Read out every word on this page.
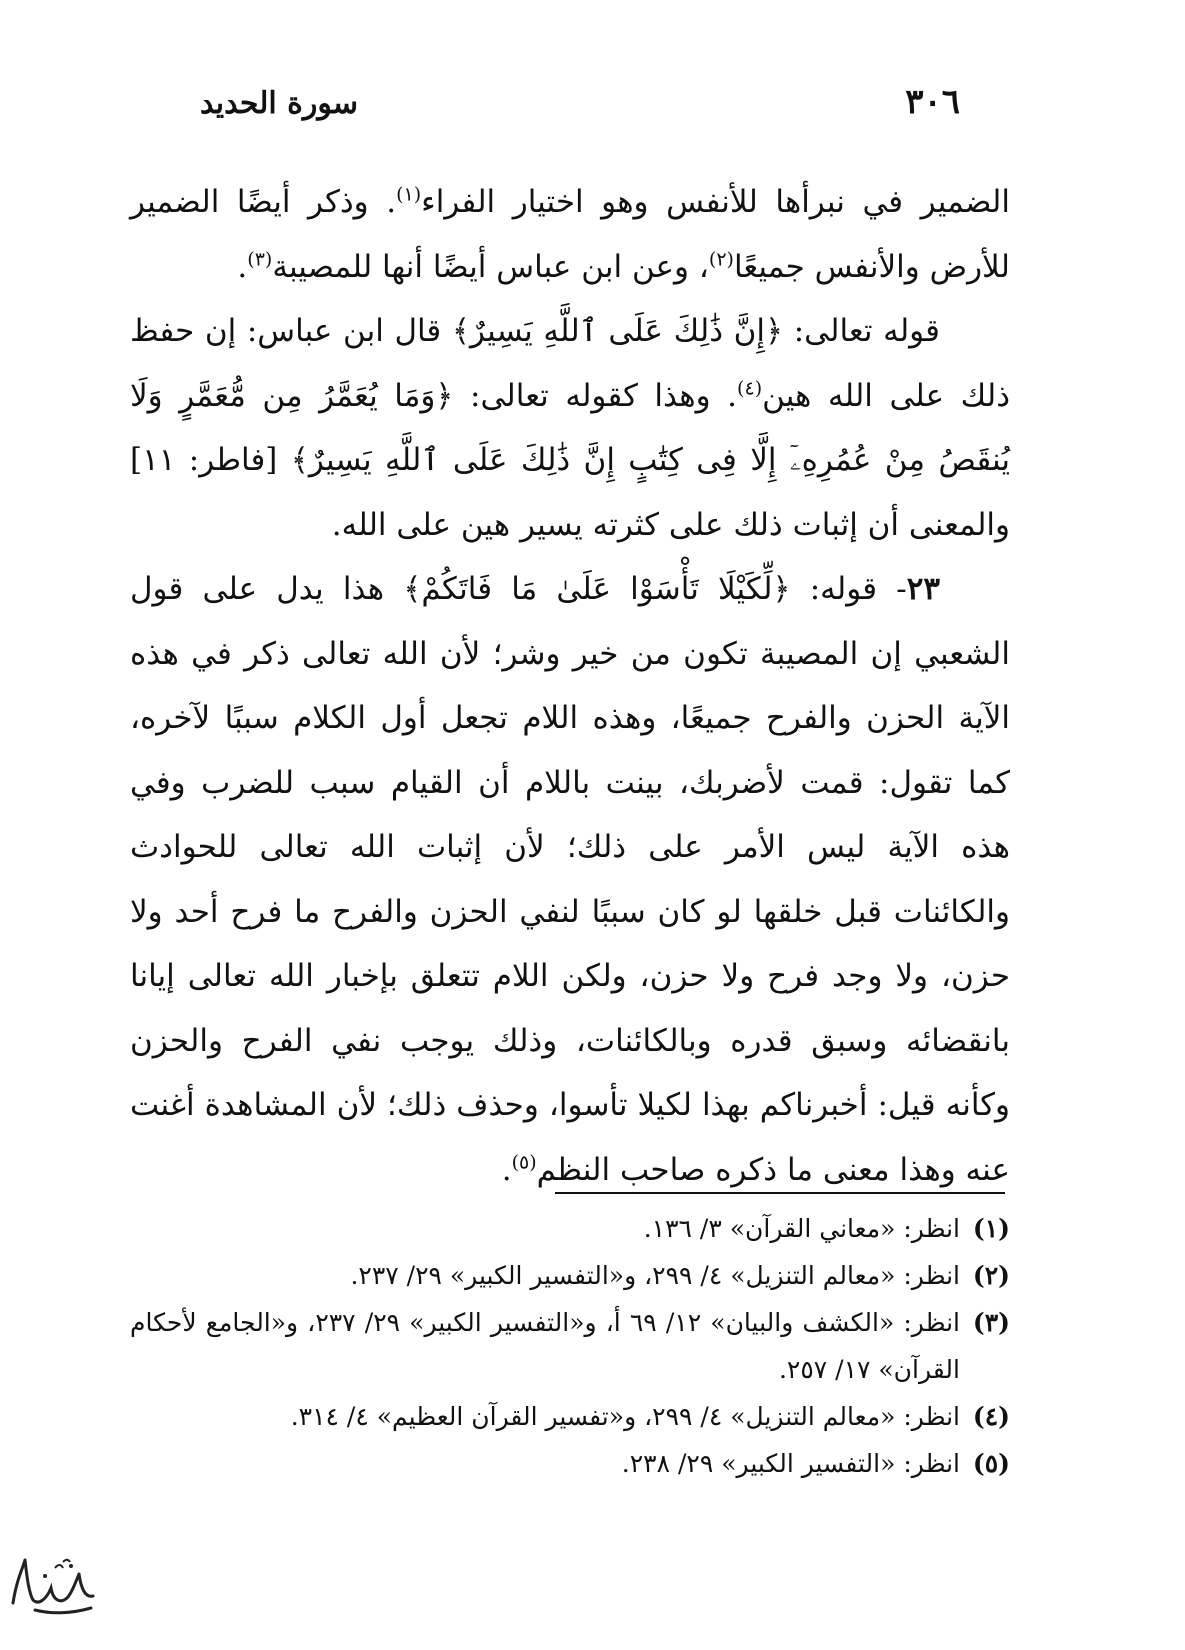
٣٠٦
سورة الحديد

الضمير في نبرأها للأنفس وهو اختيار الفراء$^{(١)}$. وذكر أيضًا الضمير للأرض والأنفس جميعًا$^{(٢)}$، وعن ابن عباس أيضًا أنها للمصيبة$^{(٣)}$.

قوله تعالى: ﴿إِنَّ ذَٰلِكَ عَلَى ٱللَّهِ يَسِيرٌ﴾ قال ابن عباس: إن حفظ ذلك على الله هين$^{(٤)}$. وهذا كقوله تعالى: ﴿وَمَا يُعَمَّرُ مِن مُّعَمَّرٍ وَلَا يُنقَصُ مِنْ عُمُرِهِۦٓ إِلَّا فِى كِتَٰبٍ إِنَّ ذَٰلِكَ عَلَى ٱللَّهِ يَسِيرٌ﴾ [فاطر: ١١] والمعنى أن إثبات ذلك على كثرته يسير هين على الله.

٢٣- قوله: ﴿لِّكَيْلَا تَأْسَوْا عَلَىٰ مَا فَاتَكُمْ﴾ هذا يدل على قول الشعبي إن المصيبة تكون من خير وشر؛ لأن الله تعالى ذكر في هذه الآية الحزن والفرح جميعًا، وهذه اللام تجعل أول الكلام سببًا لآخره، كما تقول: قمت لأضربك، بينت باللام أن القيام سبب للضرب وفي هذه الآية ليس الأمر على ذلك؛ لأن إثبات الله تعالى للحوادث والكائنات قبل خلقها لو كان سببًا لنفي الحزن والفرح ما فرح أحد ولا حزن، ولا وجد فرح ولا حزن، ولكن اللام تتعلق بإخبار الله تعالى إيانا بانقضائه وسبق قدره وبالكائنات، وذلك يوجب نفي الفرح والحزن وكأنه قيل: أخبرناكم بهذا لكيلا تأسوا، وحذف ذلك؛ لأن المشاهدة أغنت عنه وهذا معنى ما ذكره صاحب النظم$^{(٥)}$.

(١)
انظر: «معاني القرآن» ٣/ ١٣٦.
(٢)
انظر: «معالم التنزيل» ٤/ ٢٩٩، و«التفسير الكبير» ٢٩/ ٢٣٧.
(٣)
انظر: «الكشف والبيان» ١٢/ ٦٩ أ، و«التفسير الكبير» ٢٩/ ٢٣٧، و«الجامع لأحكام القرآن» ١٧/ ٢٥٧.
(٤)
انظر: «معالم التنزيل» ٤/ ٢٩٩، و«تفسير القرآن العظيم» ٤/ ٣١٤.
(٥)
انظر: «التفسير الكبير» ٢٩/ ٢٣٨.
